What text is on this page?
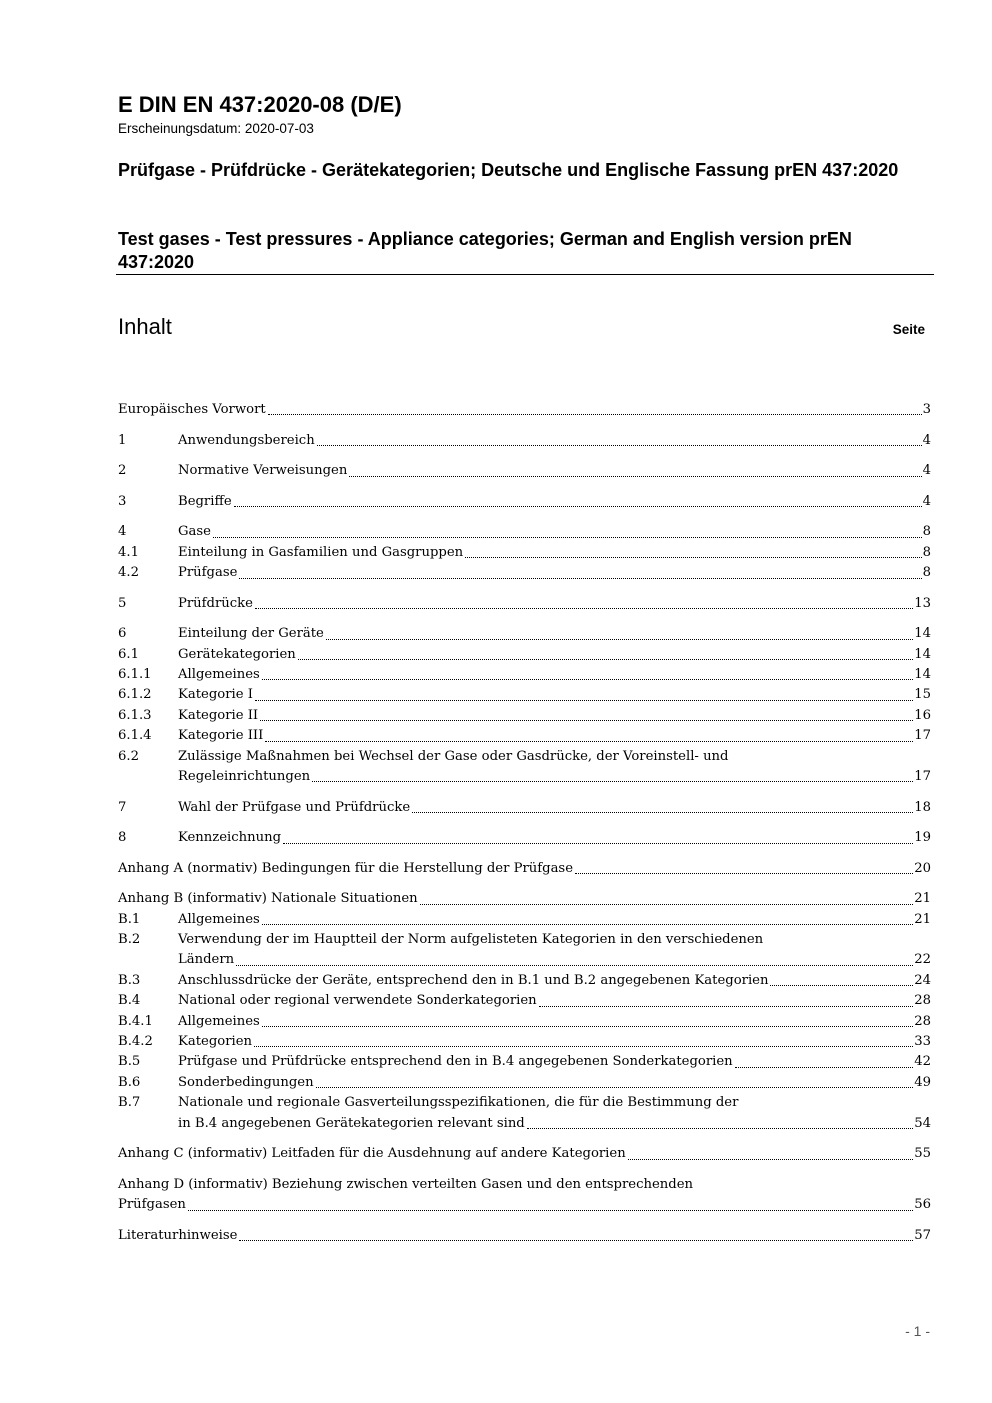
E DIN EN 437:2020-08 (D/E)
Erscheinungsdatum: 2020-07-03
Prüfgase - Prüfdrücke - Gerätekategorien; Deutsche und Englische Fassung prEN 437:2020
Test gases - Test pressures - Appliance categories; German and English version prEN 437:2020
Inhalt	Seite
Europäisches Vorwort	3
1	Anwendungsbereich	4
2	Normative Verweisungen	4
3	Begriffe	4
4	Gase	8
4.1	Einteilung in Gasfamilien und Gasgruppen	8
4.2	Prüfgase	8
5	Prüfdrücke	13
6	Einteilung der Geräte	14
6.1	Gerätekategorien	14
6.1.1 Allgemeines	14
6.1.2 Kategorie I	15
6.1.3 Kategorie II	16
6.1.4 Kategorie III	17
6.2	Zulässige Maßnahmen bei Wechsel der Gase oder Gasdrücke, der Voreinstell- und
Regeleinrichtungen	17
7	Wahl der Prüfgase und Prüfdrücke	18
8	Kennzeichnung	19
Anhang A (normativ) Bedingungen für die Herstellung der Prüfgase	20
Anhang B (informativ) Nationale Situationen	21
B.1	Allgemeines	21
B.2	Verwendung der im Hauptteil der Norm aufgelisteten Kategorien in den verschiedenen
Ländern	22
B.3	Anschlussdrücke der Geräte, entsprechend den in B.1 und B.2 angegebenen Kategorien	24
B.4	National oder regional verwendete Sonderkategorien	28
B.4.1 Allgemeines	28
B.4.2 Kategorien	33
B.5	Prüfgase und Prüfdrücke entsprechend den in B.4 angegebenen Sonderkategorien	42
B.6	Sonderbedingungen	49
B.7	Nationale und regionale Gasverteilungsspezifikationen, die für die Bestimmung der
in B.4 angegebenen Gerätekategorien relevant sind	54
Anhang C (informativ) Leitfaden für die Ausdehnung auf andere Kategorien	55
Anhang D (informativ) Beziehung zwischen verteilten Gasen und den entsprechenden
Prüfgasen	56
Literaturhinweise	57
- 1 -
